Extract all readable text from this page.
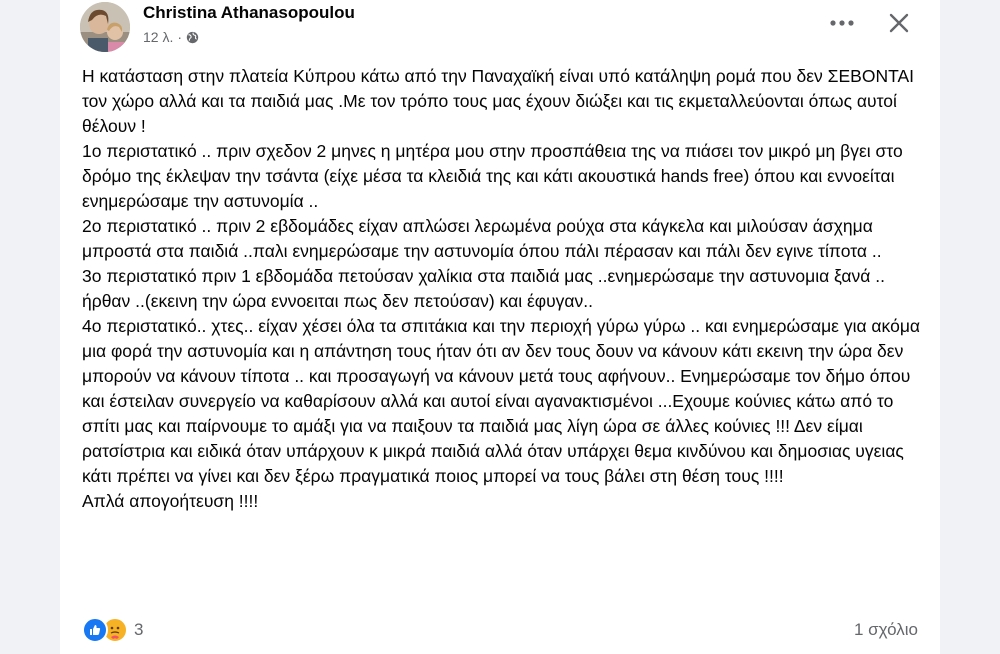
Christina Athanasopoulou
12 λ. ·

Η κατάσταση στην πλατεία Κύπρου κάτω από την Παναχαϊκή είναι υπό κατάληψη ρομά που δεν ΣΕΒΟΝΤΑΙ τον χώρο αλλά και τα παιδιά μας .Με τον τρόπο τους μας έχουν διώξει και τις εκμεταλλεύονται όπως αυτοί θέλουν !

1ο περιστατικό .. πριν σχεδον 2 μηνες η μητέρα μου στην προσπάθεια της να πιάσει τον μικρό μη βγει στο δρόμο της έκλεψαν την τσάντα (είχε μέσα τα κλειδιά της και κάτι ακουστικά hands free) όπου και εννοείται ενημερώσαμε την αστυνομία ..

2ο περιστατικό .. πριν 2 εβδομάδες είχαν απλώσει λερωμένα ρούχα στα κάγκελα και μιλούσαν άσχημα μπροστά στα παιδιά ..παλι ενημερώσαμε την αστυνομία όπου πάλι πέρασαν και πάλι δεν εγινε τίποτα ..

3ο περιστατικό πριν 1 εβδομάδα πετούσαν χαλίκια στα παιδιά μας ..ενημερώσαμε την αστυνομια ξανά .. ήρθαν ..(εκεινη την ώρα εννοειται πως δεν πετούσαν) και έφυγαν..

4ο περιστατικό.. χτες.. είχαν χέσει όλα τα σπιτάκια και την περιοχή γύρω γύρω .. και ενημερώσαμε για ακόμα μια φορά την αστυνομία και η απάντηση τους ήταν ότι αν δεν τους δουν να κάνουν κάτι εκεινη την ώρα δεν μπορούν να κάνουν τίποτα .. και προσαγωγή να κάνουν μετά τους αφήνουν.. Ενημερώσαμε τον δήμο όπου και έστειλαν συνεργείο να καθαρίσουν αλλά και αυτοί είναι αγανακτισμένοι ...Εχουμε κούνιες κάτω από το σπίτι μας και παίρνουμε το αμάξι για να παιξουν τα παιδιά μας λίγη ώρα σε άλλες κούνιες !!! Δεν είμαι ρατσίστρια και ειδικά όταν υπάρχουν κ μικρά παιδιά αλλά όταν υπάρχει θεμα κινδύνου και δημοσιας υγειας κάτι πρέπει να γίνει και δεν ξέρω πραγματικά ποιος μπορεί να τους βάλει στη θέση τους !!!!

Απλά απογοήτευση !!!!

3	1 σχόλιο
